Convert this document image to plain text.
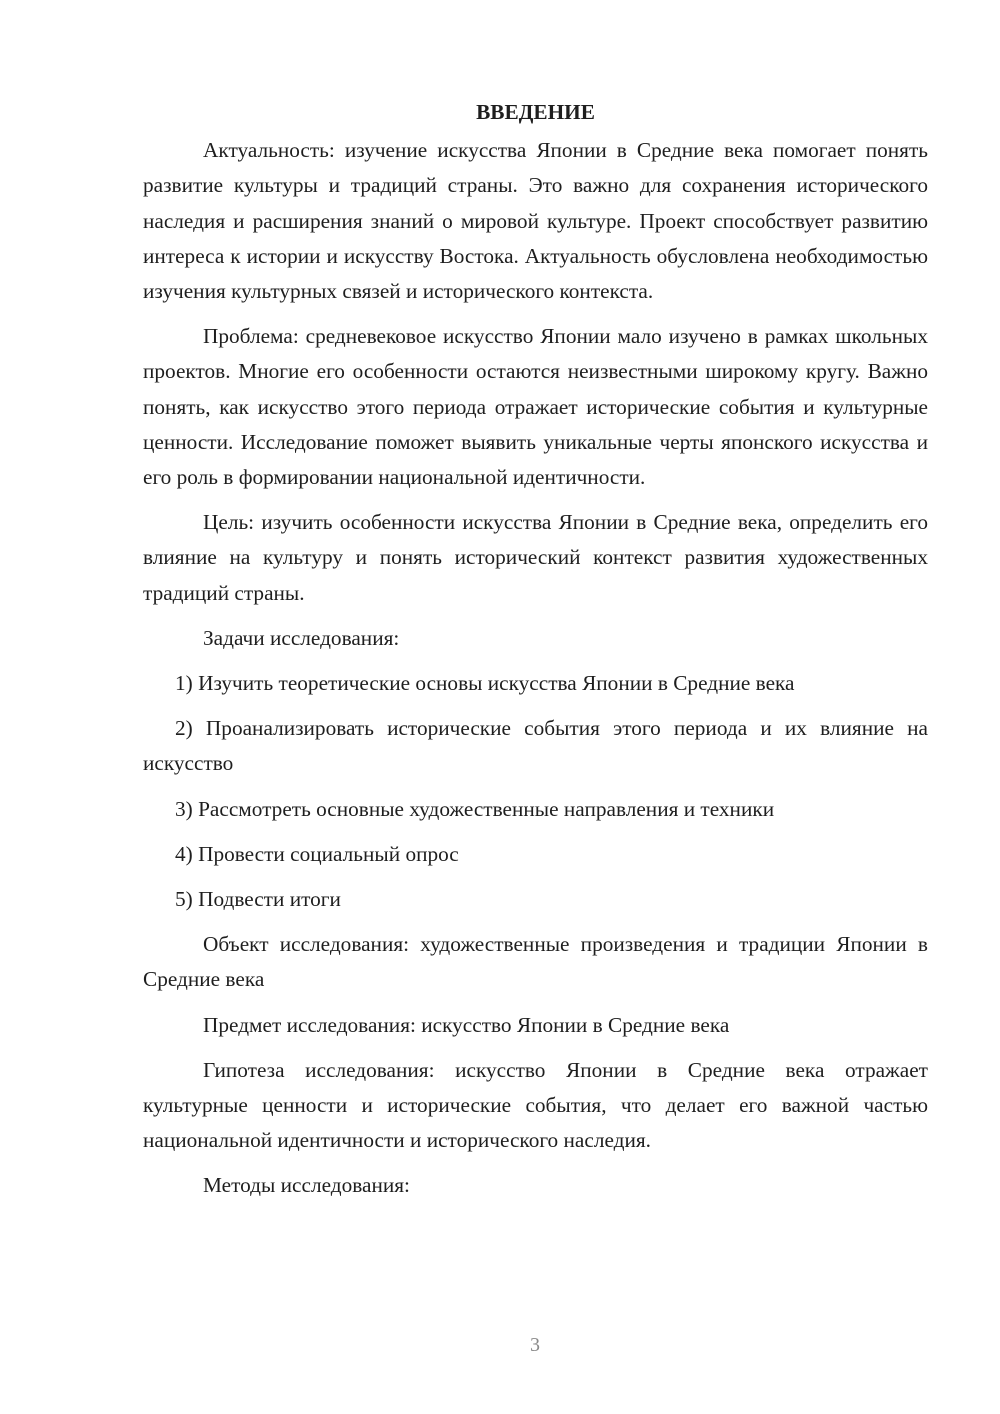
ВВЕДЕНИЕ

Актуальность: изучение искусства Японии в Средние века помогает понять развитие культуры и традиций страны. Это важно для сохранения исторического наследия и расширения знаний о мировой культуре. Проект способствует развитию интереса к истории и искусству Востока. Актуальность обусловлена необходимостью изучения культурных связей и исторического контекста.

Проблема: средневековое искусство Японии мало изучено в рамках школьных проектов. Многие его особенности остаются неизвестными широкому кругу. Важно понять, как искусство этого периода отражает исторические события и культурные ценности. Исследование поможет выявить уникальные черты японского искусства и его роль в формировании национальной идентичности.

Цель: изучить особенности искусства Японии в Средние века, определить его влияние на культуру и понять исторический контекст развития художественных традиций страны.

Задачи исследования:

1) Изучить теоретические основы искусства Японии в Средние века

2) Проанализировать исторические события этого периода и их влияние на искусство

3) Рассмотреть основные художественные направления и техники

4) Провести социальный опрос

5) Подвести итоги

Объект исследования: художественные произведения и традиции Японии в Средние века

Предмет исследования: искусство Японии в Средние века

Гипотеза исследования: искусство Японии в Средние века отражает культурные ценности и исторические события, что делает его важной частью национальной идентичности и исторического наследия.

Методы исследования:

3
